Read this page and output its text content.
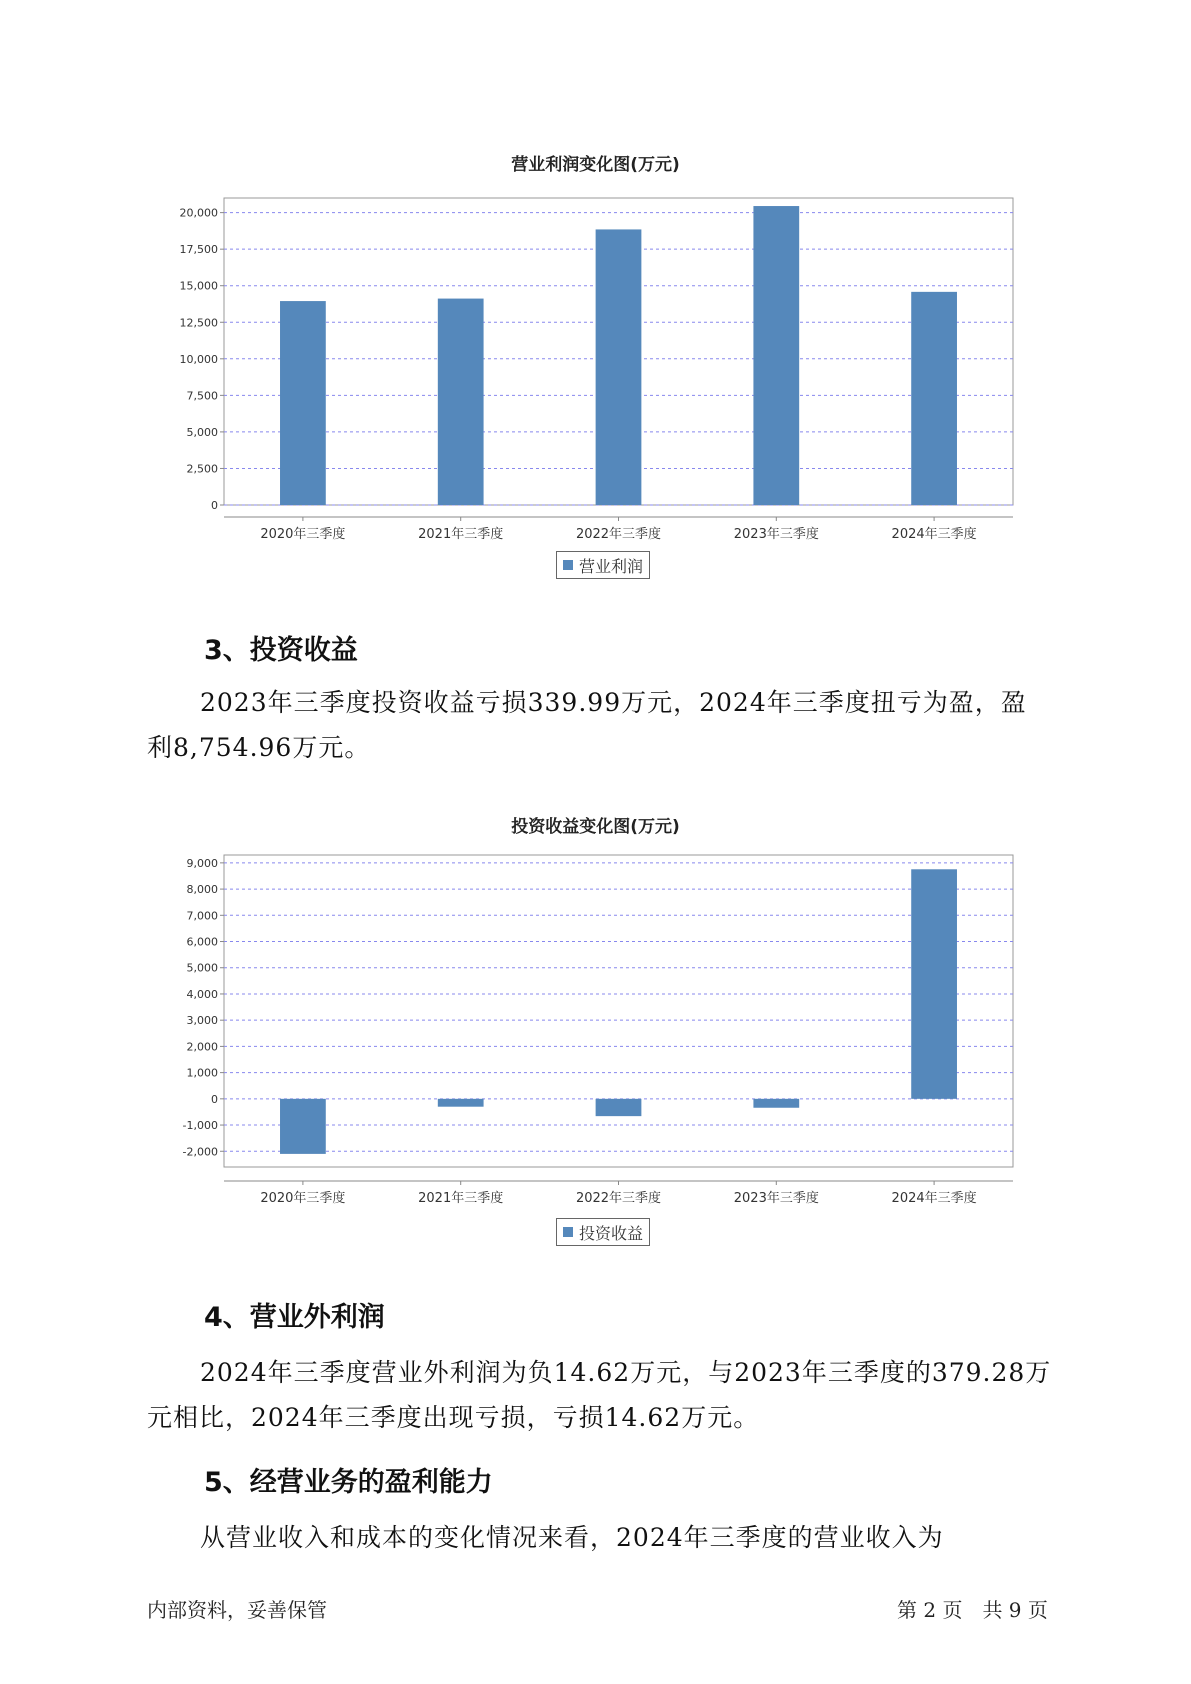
营业利润变化图(万元)
0
2,500
5,000
7,500
10,000
12,500
15,000
17,500
20,000
2020年三季度	2021年三季度	2022年三季度	2023年三季度	2024年三季度
营业利润
3、投资收益
2023年三季度投资收益亏损339.99万元，2024年三季度扭亏为盈，盈
利8,754.96万元。
投资收益变化图(万元)
-2,000
-1,000
0
1,000
2,000
3,000
4,000
5,000
6,000
7,000
8,000
9,000
2020年三季度	2021年三季度	2022年三季度	2023年三季度	2024年三季度
投资收益
4、营业外利润
2024年三季度营业外利润为负14.62万元，与2023年三季度的379.28万
元相比，2024年三季度出现亏损，亏损14.62万元。
5、经营业务的盈利能力
从营业收入和成本的变化情况来看，2024年三季度的营业收入为
内部资料，妥善保管	第 2 页　共 9 页
